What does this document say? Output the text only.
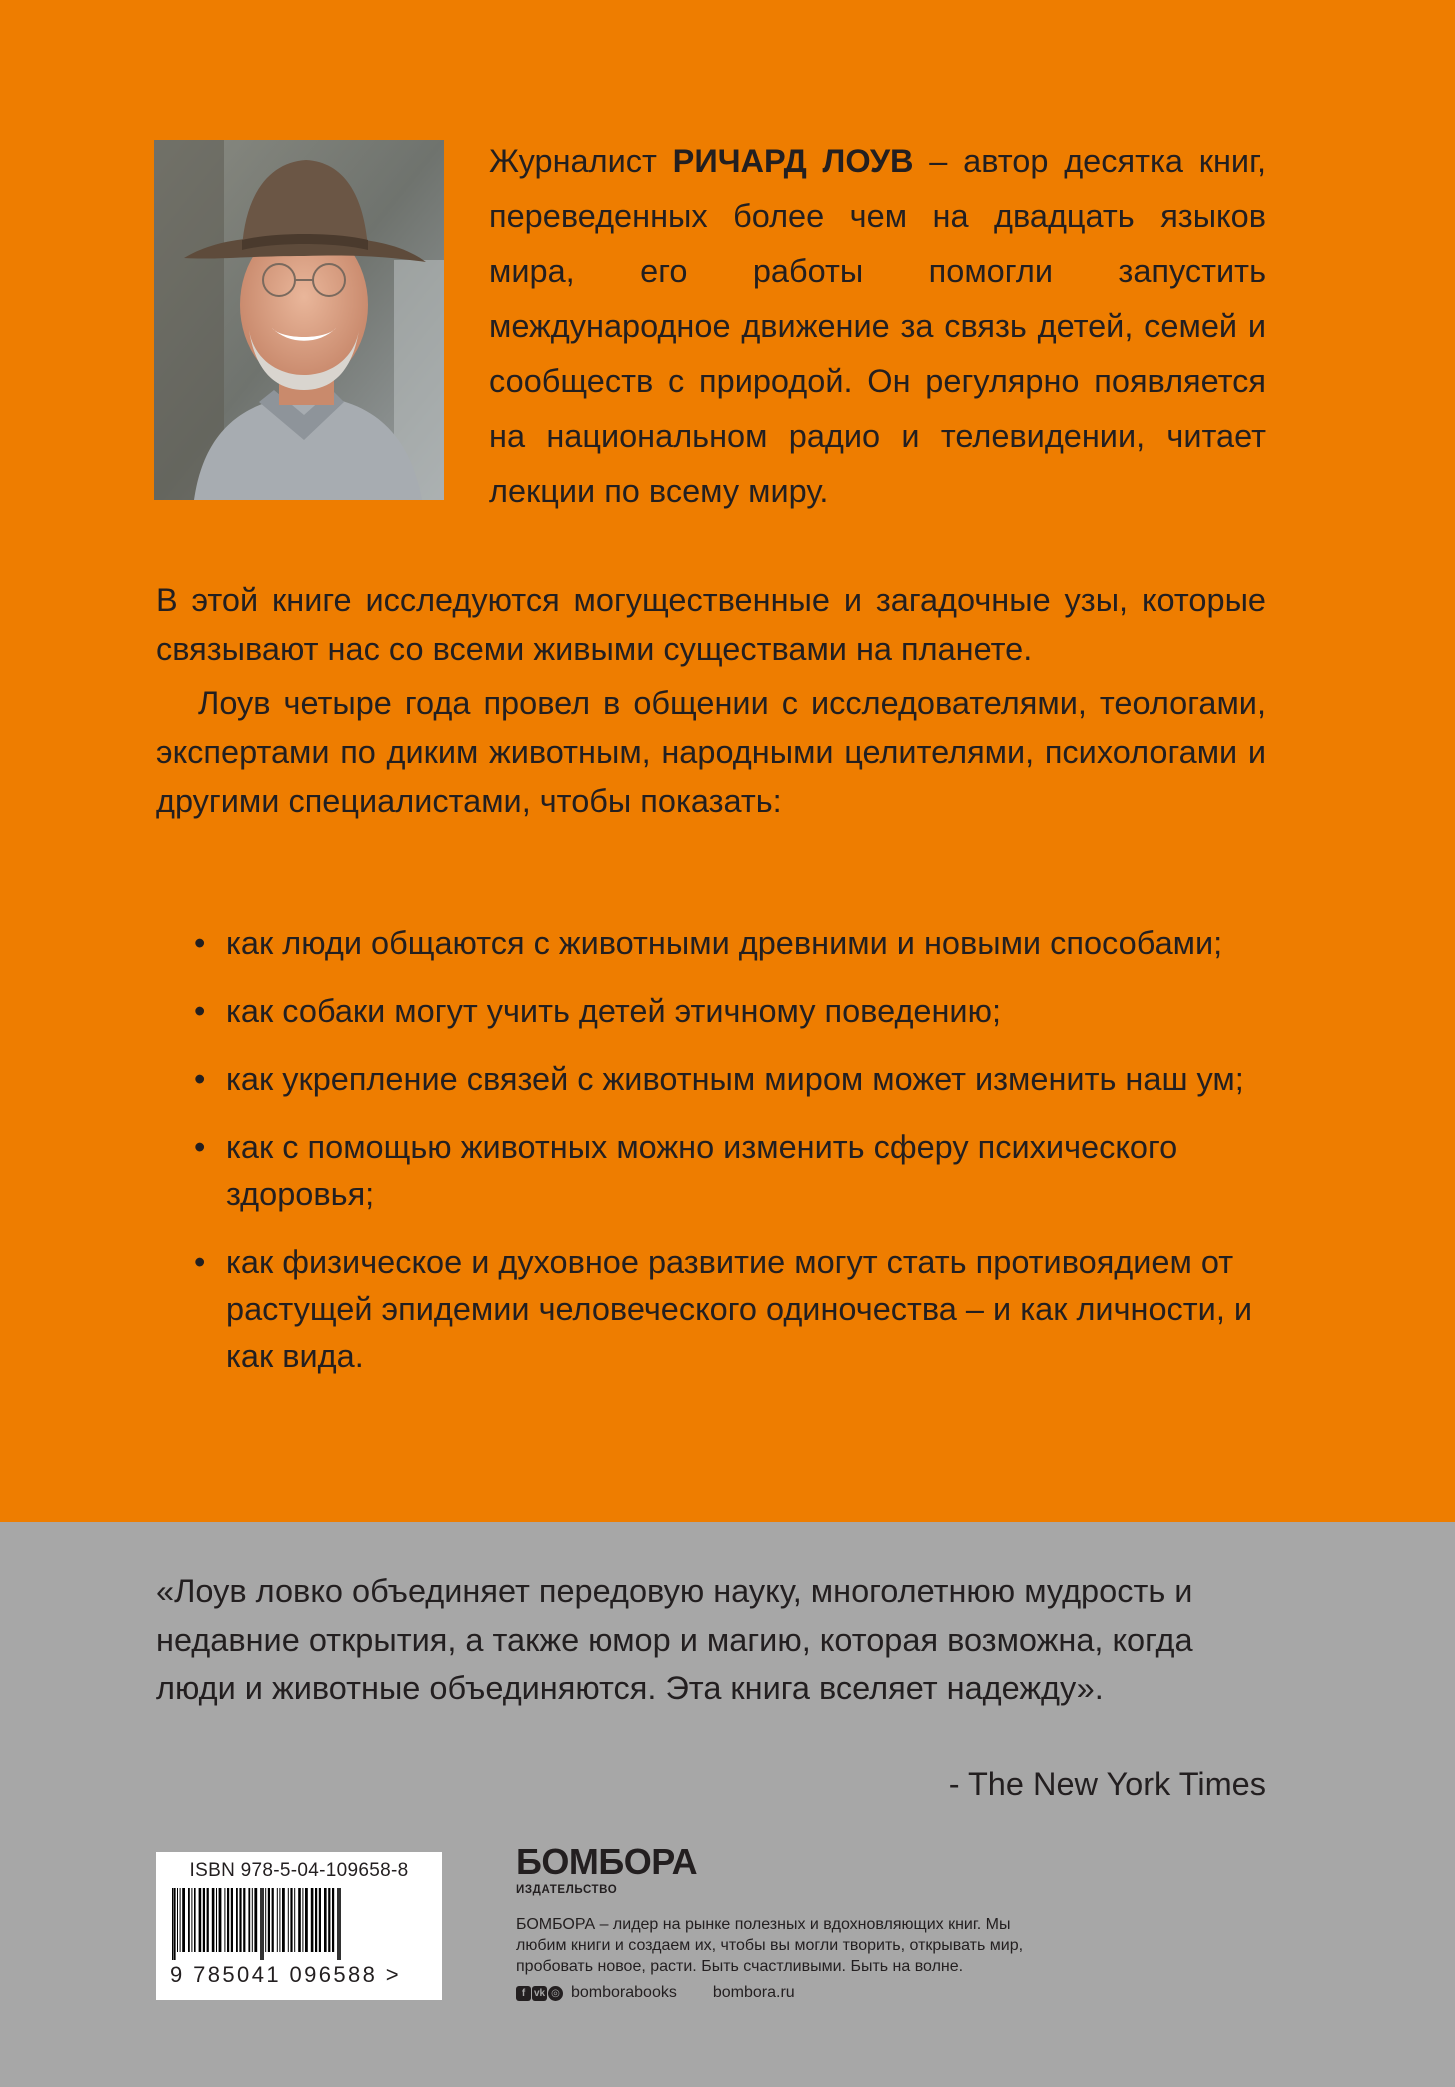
Журналист РИЧАРД ЛОУВ – автор десятка книг, переведенных более чем на двадцать языков мира, его работы помогли запустить международное движение за связь детей, семей и сообществ с природой. Он регулярно появляется на национальном радио и телевидении, читает лекции по всему миру.

В этой книге исследуются могущественные и загадочные узы, которые связывают нас со всеми живыми существами на планете.

Лоув четыре года провел в общении с исследователями, теологами, экспертами по диким животным, народными целителями, психологами и другими специалистами, чтобы показать:

• как люди общаются с животными древними и новыми способами;
• как собаки могут учить детей этичному поведению;
• как укрепление связей с животным миром может изменить наш ум;
• как с помощью животных можно изменить сферу психического здоровья;
• как физическое и духовное развитие могут стать противоядием от растущей эпидемии человеческого одиночества – и как личности, и как вида.

«Лоув ловко объединяет передовую науку, многолетнюю мудрость и недавние открытия, а также юмор и магию, которая возможна, когда люди и животные объединяются. Эта книга вселяет надежду».

- The New York Times

ISBN 978-5-04-109658-8
9 785041 096588 >

БОМБОРА

ИЗДАТЕЛЬСТВО

БОМБОРА – лидер на рынке полезных и вдохновляющих книг. Мы любим книги и создаем их, чтобы вы могли творить, открывать мир, пробовать новое, расти. Быть счастливыми. Быть на волне.

f vk ◎ bomborabooks bombora.ru
